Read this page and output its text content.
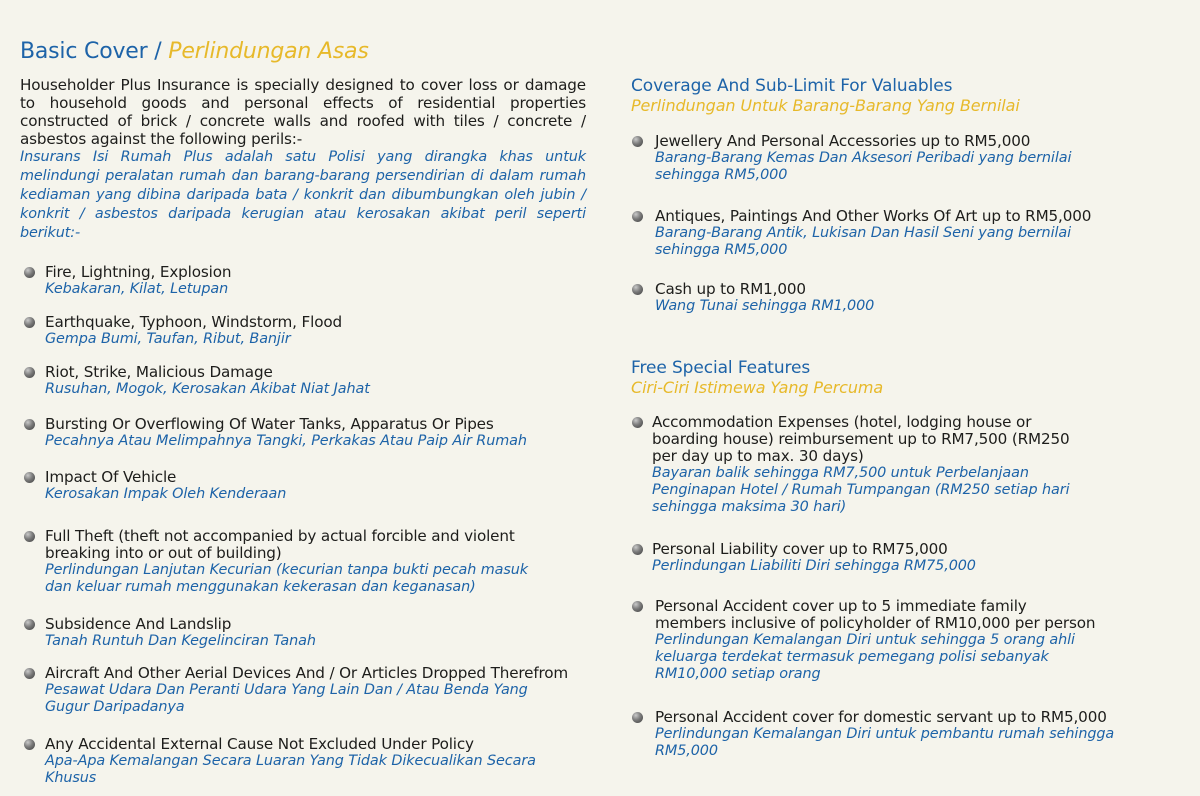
Basic Cover / Perlindungan Asas
Householder Plus Insurance is specially designed to cover loss or damage to household goods and personal effects of residential properties constructed of brick / concrete walls and roofed with tiles / concrete / asbestos against the following perils:-
Insurans Isi Rumah Plus adalah satu Polisi yang dirangka khas untuk melindungi peralatan rumah dan barang-barang persendirian di dalam rumah kediaman yang dibina daripada bata / konkrit dan dibumbungkan oleh jubin / konkrit / asbestos daripada kerugian atau kerosakan akibat peril seperti berikut:-
Fire, Lightning, Explosion
Kebakaran, Kilat, Letupan
Earthquake, Typhoon, Windstorm, Flood
Gempa Bumi, Taufan, Ribut, Banjir
Riot, Strike, Malicious Damage
Rusuhan, Mogok, Kerosakan Akibat Niat Jahat
Bursting Or Overflowing Of Water Tanks, Apparatus Or Pipes
Pecahnya Atau Melimpahnya Tangki, Perkakas Atau Paip Air Rumah
Impact Of Vehicle
Kerosakan Impak Oleh Kenderaan
Full Theft (theft not accompanied by actual forcible and violent breaking into or out of building)
Perlindungan Lanjutan Kecurian (kecurian tanpa bukti pecah masuk dan keluar rumah menggunakan kekerasan dan keganasan)
Subsidence And Landslip
Tanah Runtuh Dan Kegelinciran Tanah
Aircraft And Other Aerial Devices And / Or Articles Dropped Therefrom
Pesawat Udara Dan Peranti Udara Yang Lain Dan / Atau Benda Yang Gugur Daripadanya
Any Accidental External Cause Not Excluded Under Policy
Apa-Apa Kemalangan Secara Luaran Yang Tidak Dikecualikan Secara Khusus
Coverage And Sub-Limit For Valuables
Perlindungan Untuk Barang-Barang Yang Bernilai
Jewellery And Personal Accessories up to RM5,000
Barang-Barang Kemas Dan Aksesori Peribadi yang bernilai sehingga RM5,000
Antiques, Paintings And Other Works Of Art up to RM5,000
Barang-Barang Antik, Lukisan Dan Hasil Seni yang bernilai sehingga RM5,000
Cash up to RM1,000
Wang Tunai sehingga RM1,000
Free Special Features
Ciri-Ciri Istimewa Yang Percuma
Accommodation Expenses (hotel, lodging house or boarding house) reimbursement up to RM7,500 (RM250 per day up to max. 30 days)
Bayaran balik sehingga RM7,500 untuk Perbelanjaan Penginapan Hotel / Rumah Tumpangan (RM250 setiap hari sehingga maksima 30 hari)
Personal Liability cover up to RM75,000
Perlindungan Liabiliti Diri sehingga RM75,000
Personal Accident cover up to 5 immediate family members inclusive of policyholder of RM10,000 per person
Perlindungan Kemalangan Diri untuk sehingga 5 orang ahli keluarga terdekat termasuk pemegang polisi sebanyak RM10,000 setiap orang
Personal Accident cover for domestic servant up to RM5,000
Perlindungan Kemalangan Diri untuk pembantu rumah sehingga RM5,000
